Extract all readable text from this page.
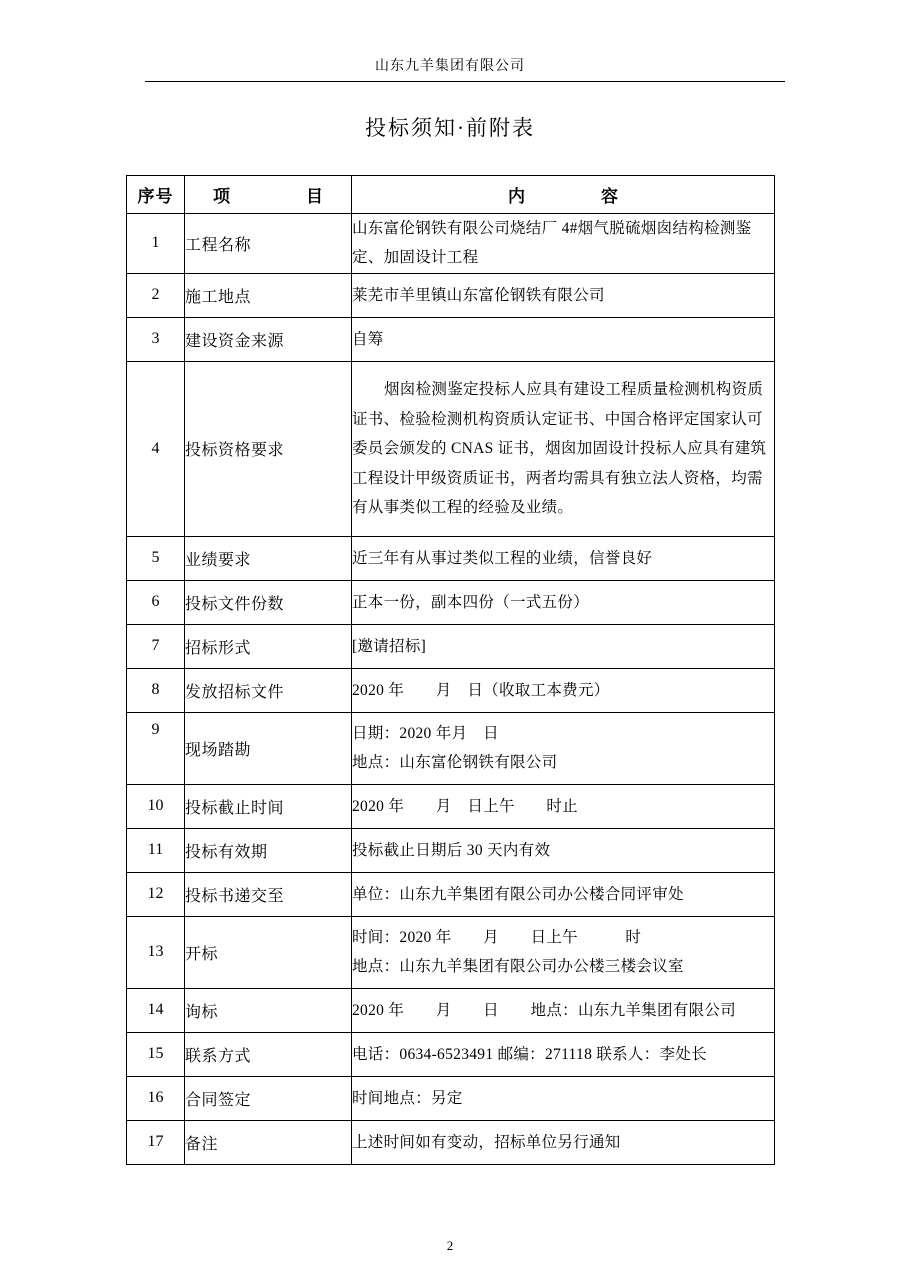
山东九羊集团有限公司
投标须知·前附表
序号	项　　目	内　　容
1	工程名称	山东富伦钢铁有限公司烧结厂 4#烟气脱硫烟囱结构检测鉴定、加固设计工程
2	施工地点	莱芜市羊里镇山东富伦钢铁有限公司
3	建设资金来源	自筹
4	投标资格要求	烟囱检测鉴定投标人应具有建设工程质量检测机构资质证书、检验检测机构资质认定证书、中国合格评定国家认可委员会颁发的 CNAS 证书，烟囱加固设计投标人应具有建筑工程设计甲级资质证书，两者均需具有独立法人资格，均需有从事类似工程的经验及业绩。

5	业绩要求	近三年有从事过类似工程的业绩，信誉良好
6	投标文件份数	正本一份，副本四份（一式五份）
7	招标形式	[邀请招标]
8	发放招标文件	2020 年　　月　日（收取工本费元）
9	现场踏勘	日期：2020 年月　日
地点：山东富伦钢铁有限公司

10	投标截止时间	2020 年　　月　日上午　　时止
11	投标有效期	投标截止日期后 30 天内有效
12	投标书递交至	单位：山东九羊集团有限公司办公楼合同评审处
13	开标	时间：2020 年　　月　　日上午　　　时
地点：山东九羊集团有限公司办公楼三楼会议室

14	询标	2020 年　　月　　日　　地点：山东九羊集团有限公司
15	联系方式	电话：0634-6523491 邮编：271118 联系人：李处长
16	合同签定	时间地点：另定
17	备注	上述时间如有变动，招标单位另行通知
2
